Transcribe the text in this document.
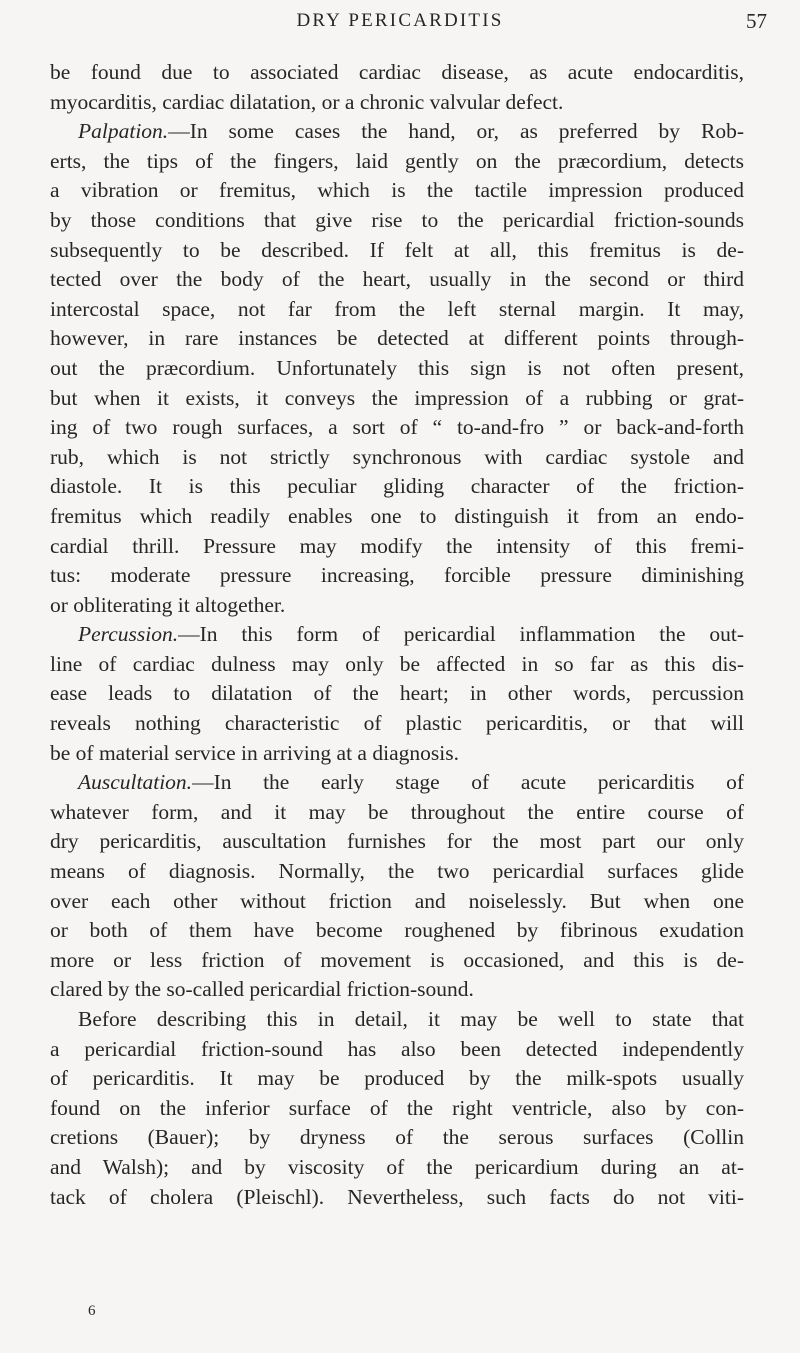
DRY PERICARDITIS	57
be found due to associated cardiac disease, as acute endocarditis,
myocarditis, cardiac dilatation, or a chronic valvular defect.
Palpation.—In some cases the hand, or, as preferred by Rob-
erts, the tips of the fingers, laid gently on the præcordium, detects
a vibration or fremitus, which is the tactile impression produced
by those conditions that give rise to the pericardial friction-sounds
subsequently to be described. If felt at all, this fremitus is de-
tected over the body of the heart, usually in the second or third
intercostal space, not far from the left sternal margin. It may,
however, in rare instances be detected at different points through-
out the præcordium. Unfortunately this sign is not often present,
but when it exists, it conveys the impression of a rubbing or grat-
ing of two rough surfaces, a sort of “ to-and-fro ” or back-and-forth
rub, which is not strictly synchronous with cardiac systole and
diastole. It is this peculiar gliding character of the friction-
fremitus which readily enables one to distinguish it from an endo-
cardial thrill. Pressure may modify the intensity of this fremi-
tus: moderate pressure increasing, forcible pressure diminishing
or obliterating it altogether.
Percussion.—In this form of pericardial inflammation the out-
line of cardiac dulness may only be affected in so far as this dis-
ease leads to dilatation of the heart; in other words, percussion
reveals nothing characteristic of plastic pericarditis, or that will
be of material service in arriving at a diagnosis.
Auscultation.—In the early stage of acute pericarditis of
whatever form, and it may be throughout the entire course of
dry pericarditis, auscultation furnishes for the most part our only
means of diagnosis. Normally, the two pericardial surfaces glide
over each other without friction and noiselessly. But when one
or both of them have become roughened by fibrinous exudation
more or less friction of movement is occasioned, and this is de-
clared by the so-called pericardial friction-sound.
Before describing this in detail, it may be well to state that
a pericardial friction-sound has also been detected independently
of pericarditis. It may be produced by the milk-spots usually
found on the inferior surface of the right ventricle, also by con-
cretions (Bauer); by dryness of the serous surfaces (Collin
and Walsh); and by viscosity of the pericardium during an at-
tack of cholera (Pleischl). Nevertheless, such facts do not viti-
6
